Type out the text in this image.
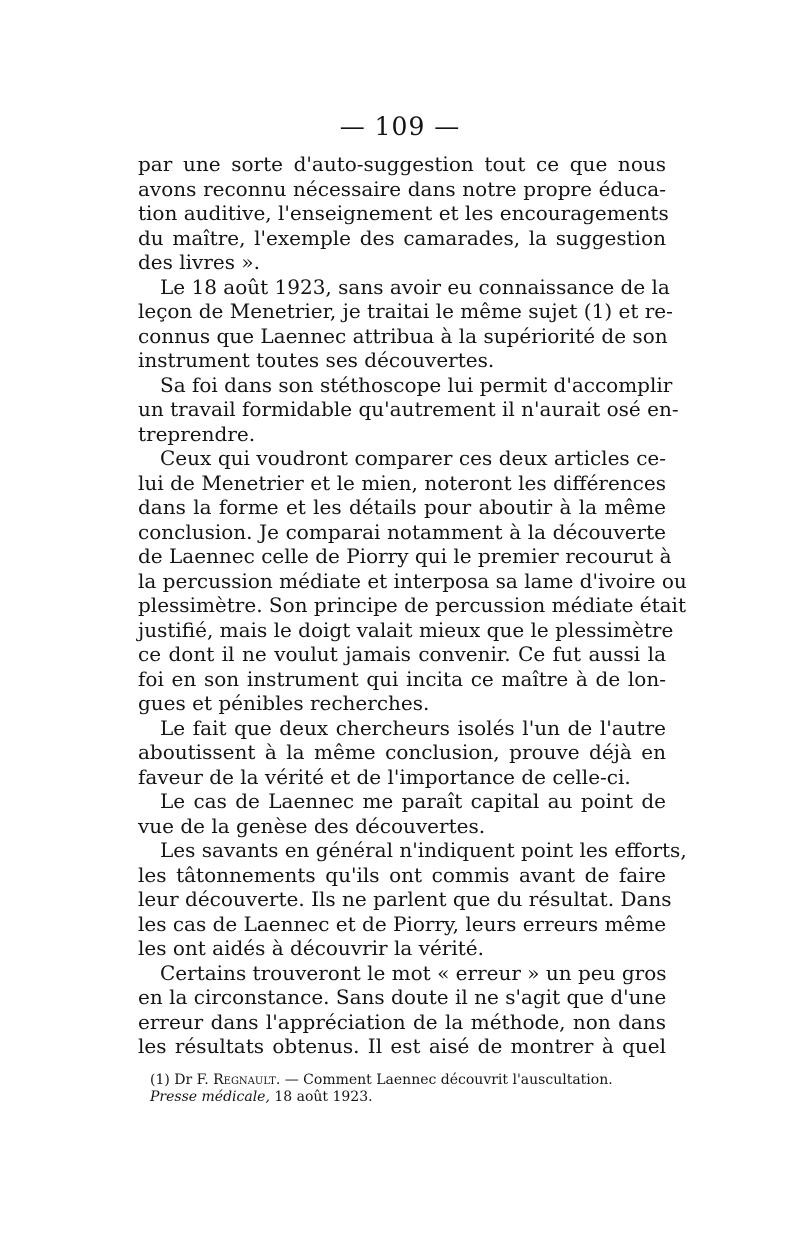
— 109 —
par une sorte d'auto-suggestion tout ce que nous
avons reconnu nécessaire dans notre propre éduca-
tion auditive, l'enseignement et les encouragements
du maître, l'exemple des camarades, la suggestion
des livres ».
Le 18 août 1923, sans avoir eu connaissance de la
leçon de Menetrier, je traitai le même sujet (1) et re-
connus que Laennec attribua à la supériorité de son
instrument toutes ses découvertes.
Sa foi dans son stéthoscope lui permit d'accomplir
un travail formidable qu'autrement il n'aurait osé en-
treprendre.
Ceux qui voudront comparer ces deux articles ce-
lui de Menetrier et le mien, noteront les différences
dans la forme et les détails pour aboutir à la même
conclusion. Je comparai notamment à la découverte
de Laennec celle de Piorry qui le premier recourut à
la percussion médiate et interposa sa lame d'ivoire ou
plessimètre. Son principe de percussion médiate était
justifié, mais le doigt valait mieux que le plessimètre
ce dont il ne voulut jamais convenir. Ce fut aussi la
foi en son instrument qui incita ce maître à de lon-
gues et pénibles recherches.
Le fait que deux chercheurs isolés l'un de l'autre
aboutissent à la même conclusion, prouve déjà en
faveur de la vérité et de l'importance de celle-ci.
Le cas de Laennec me paraît capital au point de
vue de la genèse des découvertes.
Les savants en général n'indiquent point les efforts,
les tâtonnements qu'ils ont commis avant de faire
leur découverte. Ils ne parlent que du résultat. Dans
les cas de Laennec et de Piorry, leurs erreurs même
les ont aidés à découvrir la vérité.
Certains trouveront le mot « erreur » un peu gros
en la circonstance. Sans doute il ne s'agit que d'une
erreur dans l'appréciation de la méthode, non dans
les résultats obtenus. Il est aisé de montrer à quel
(1) Dr F. Regnault. — Comment Laennec découvrit l'auscultation.
Presse médicale, 18 août 1923.
